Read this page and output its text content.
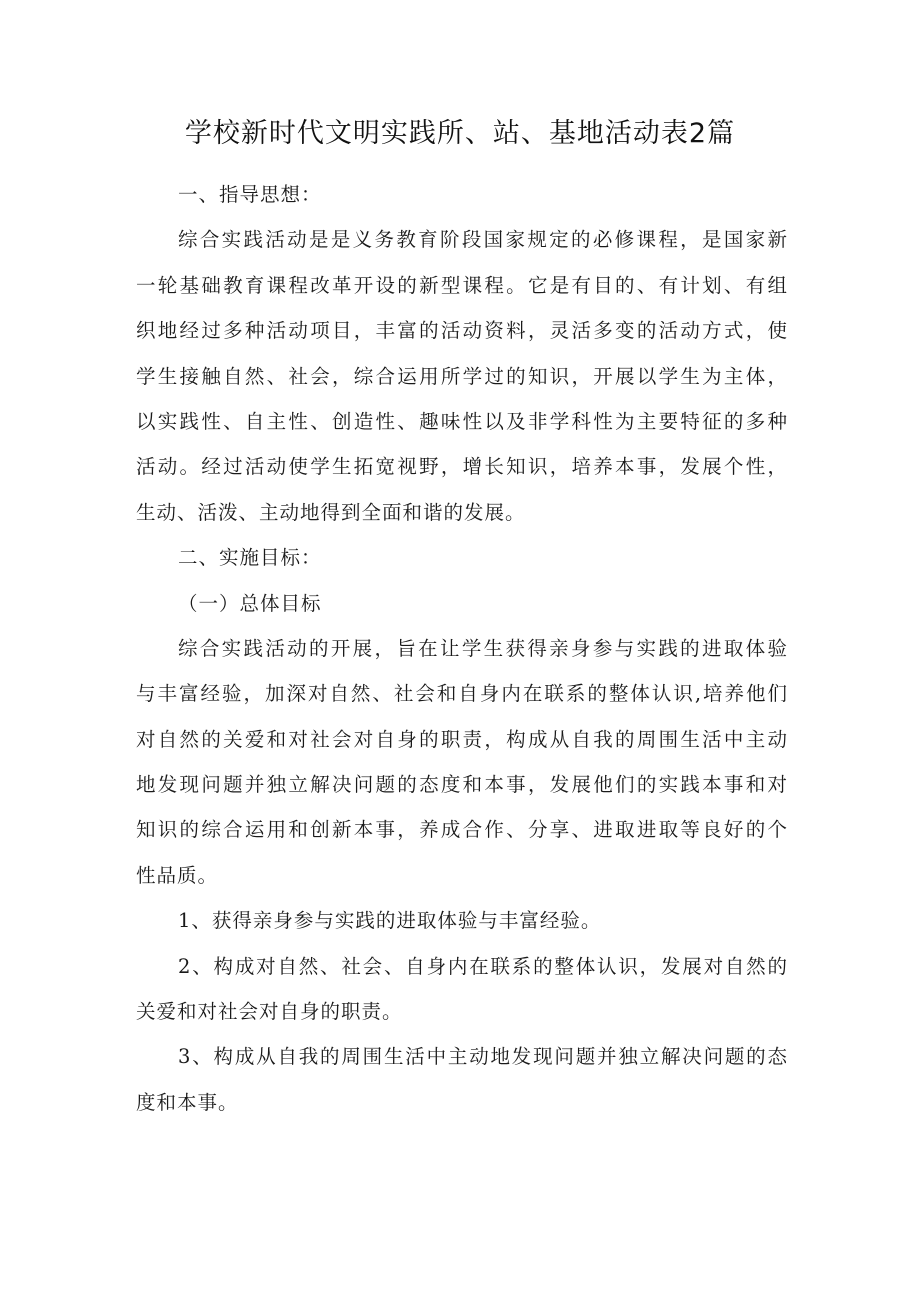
学校新时代文明实践所、站、基地活动表2篇
一、指导思想：
综合实践活动是是义务教育阶段国家规定的必修课程，是国家新
一轮基础教育课程改革开设的新型课程。它是有目的、有计划、有组
织地经过多种活动项目，丰富的活动资料，灵活多变的活动方式，使
学生接触自然、社会，综合运用所学过的知识，开展以学生为主体，
以实践性、自主性、创造性、趣味性以及非学科性为主要特征的多种
活动。经过活动使学生拓宽视野，增长知识，培养本事，发展个性，
生动、活泼、主动地得到全面和谐的发展。
二、实施目标：
（一）总体目标
综合实践活动的开展，旨在让学生获得亲身参与实践的进取体验
与丰富经验，加深对自然、社会和自身内在联系的整体认识,培养他们
对自然的关爱和对社会对自身的职责，构成从自我的周围生活中主动
地发现问题并独立解决问题的态度和本事，发展他们的实践本事和对
知识的综合运用和创新本事，养成合作、分享、进取进取等良好的个
性品质。
1、获得亲身参与实践的进取体验与丰富经验。
2、构成对自然、社会、自身内在联系的整体认识，发展对自然的
关爱和对社会对自身的职责。
3、构成从自我的周围生活中主动地发现问题并独立解决问题的态
度和本事。
